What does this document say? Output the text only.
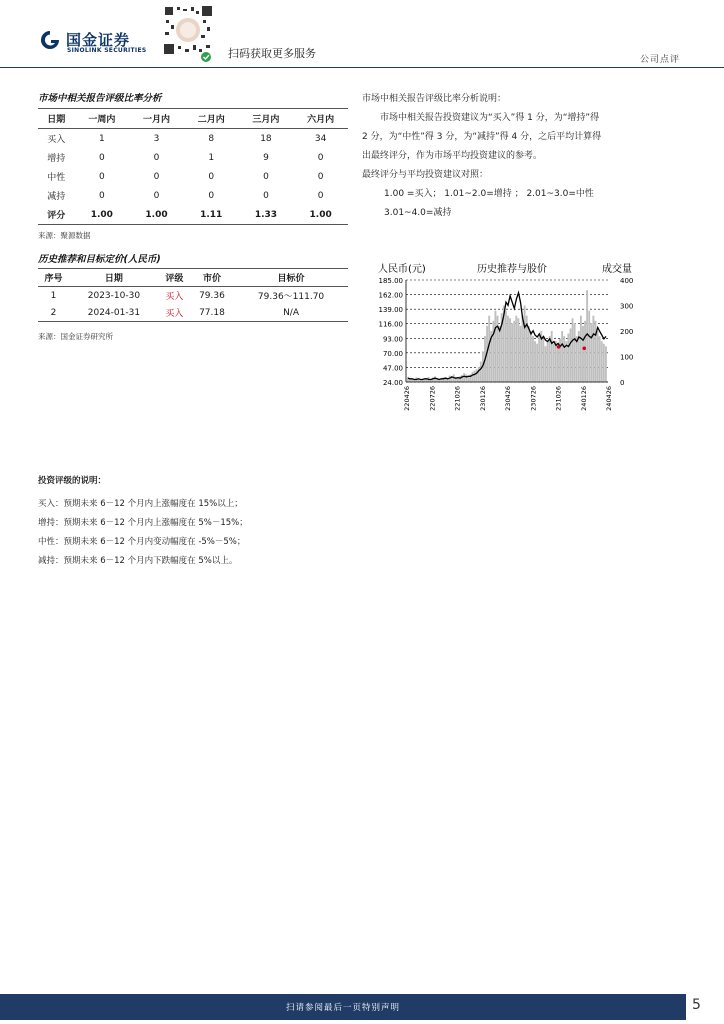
国金证券
SINOLINK SECURITIES	扫码获取更多服务	公司点评
市场中相关报告评级比率分析
日期	一周内	一月内	二月内	三月内	六月内
买入	1	3	8	18	34
增持	0	0	1	9	0
中性	0	0	0	0	0
减持	0	0	0	0	0
评分	1.00	1.00	1.11	1.33	1.00
来源：聚源数据
市场中相关报告评级比率分析说明：
市场中相关报告投资建议为“买入”得 1 分，为“增持”得
2 分，为“中性”得 3 分，为“减持”得 4 分，之后平均计算得
出最终评分，作为市场平均投资建议的参考。
最终评分与平均投资建议对照：
1.00 =买入； 1.01~2.0=增持 ； 2.01~3.0=中性
3.01~4.0=减持
历史推荐和目标定价(人民币)
序号	日期	评级	市价	目标价
1	2023-10-30	买入	79.36	79.36～111.70
2	2024-01-31	买入	77.18	N/A
来源：国金证券研究所
人民币(元)	历史推荐与股价	成交量
185.00
162.00
139.00
116.00
93.00
70.00
47.00
24.00
400
300
200
100
0
220426	220726	221026	230126	230426	230726	231026	240126	240426
投资评级的说明：
买入：预期未来 6－12 个月内上涨幅度在 15%以上；
增持：预期未来 6－12 个月内上涨幅度在 5%－15%；
中性：预期未来 6－12 个月内变动幅度在 -5%－5%；
减持：预期未来 6－12 个月内下跌幅度在 5%以上。
扫请参阅最后一页特别声明	5
